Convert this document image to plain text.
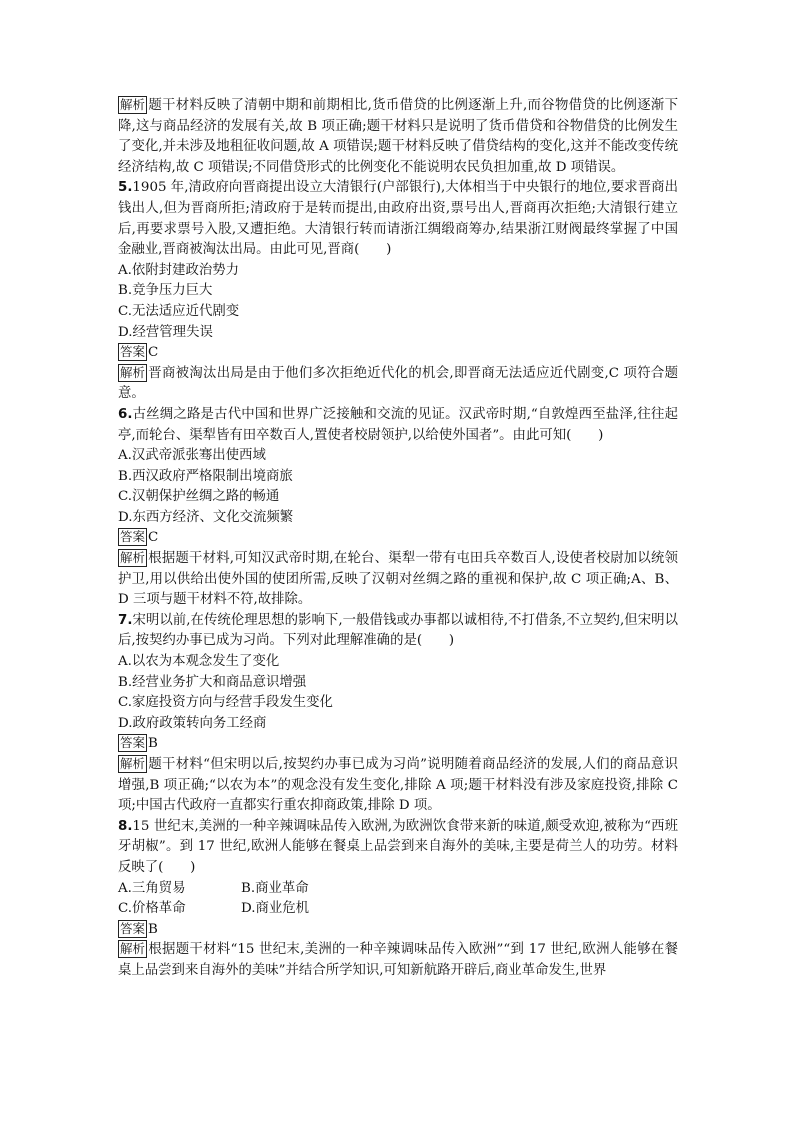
解析 题干材料反映了清朝中期和前期相比,货币借贷的比例逐渐上升,而谷物借贷的比例逐渐下降,这与商品经济的发展有关,故 B 项正确;题干材料只是说明了货币借贷和谷物借贷的比例发生了变化,并未涉及地租征收问题,故 A 项错误;题干材料反映了借贷结构的变化,这并不能改变传统经济结构,故 C 项错误;不同借贷形式的比例变化不能说明农民负担加重,故 D 项错误。

5.1905 年,清政府向晋商提出设立大清银行(户部银行),大体相当于中央银行的地位,要求晋商出钱出人,但为晋商所拒;清政府于是转而提出,由政府出资,票号出人,晋商再次拒绝;大清银行建立后,再要求票号入股,又遭拒绝。大清银行转而请浙江绸缎商筹办,结果浙江财阀最终掌握了中国金融业,晋商被淘汰出局。由此可见,晋商(　　)

A.依附封建政治势力

B.竞争压力巨大

C.无法适应近代剧变

D.经营管理失误

答案 C

解析 晋商被淘汰出局是由于他们多次拒绝近代化的机会,即晋商无法适应近代剧变,C 项符合题意。

6.古丝绸之路是古代中国和世界广泛接触和交流的见证。汉武帝时期,“自敦煌西至盐泽,往往起亭,而轮台、渠犁皆有田卒数百人,置使者校尉领护,以给使外国者”。由此可知(　　)

A.汉武帝派张骞出使西域

B.西汉政府严格限制出境商旅

C.汉朝保护丝绸之路的畅通

D.东西方经济、文化交流频繁

答案 C

解析 根据题干材料,可知汉武帝时期,在轮台、渠犁一带有屯田兵卒数百人,设使者校尉加以统领护卫,用以供给出使外国的使团所需,反映了汉朝对丝绸之路的重视和保护,故 C 项正确;A、B、D 三项与题干材料不符,故排除。

7.宋明以前,在传统伦理思想的影响下,一般借钱或办事都以诚相待,不打借条,不立契约,但宋明以后,按契约办事已成为习尚。下列对此理解准确的是(　　)

A.以农为本观念发生了变化

B.经营业务扩大和商品意识增强

C.家庭投资方向与经营手段发生变化

D.政府政策转向务工经商

答案 B

解析 题干材料“但宋明以后,按契约办事已成为习尚”说明随着商品经济的发展,人们的商品意识增强,B 项正确;“以农为本”的观念没有发生变化,排除 A 项;题干材料没有涉及家庭投资,排除 C 项;中国古代政府一直都实行重农抑商政策,排除 D 项。

8.15 世纪末,美洲的一种辛辣调味品传入欧洲,为欧洲饮食带来新的味道,颇受欢迎,被称为“西班牙胡椒”。到 17 世纪,欧洲人能够在餐桌上品尝到来自海外的美味,主要是荷兰人的功劳。材料反映了(　　)

A.三角贸易	B.商业革命
C.价格革命	D.商业危机

答案 B

解析 根据题干材料“15 世纪末,美洲的一种辛辣调味品传入欧洲”“到 17 世纪,欧洲人能够在餐桌上品尝到来自海外的美味”并结合所学知识,可知新航路开辟后,商业革命发生,世界
